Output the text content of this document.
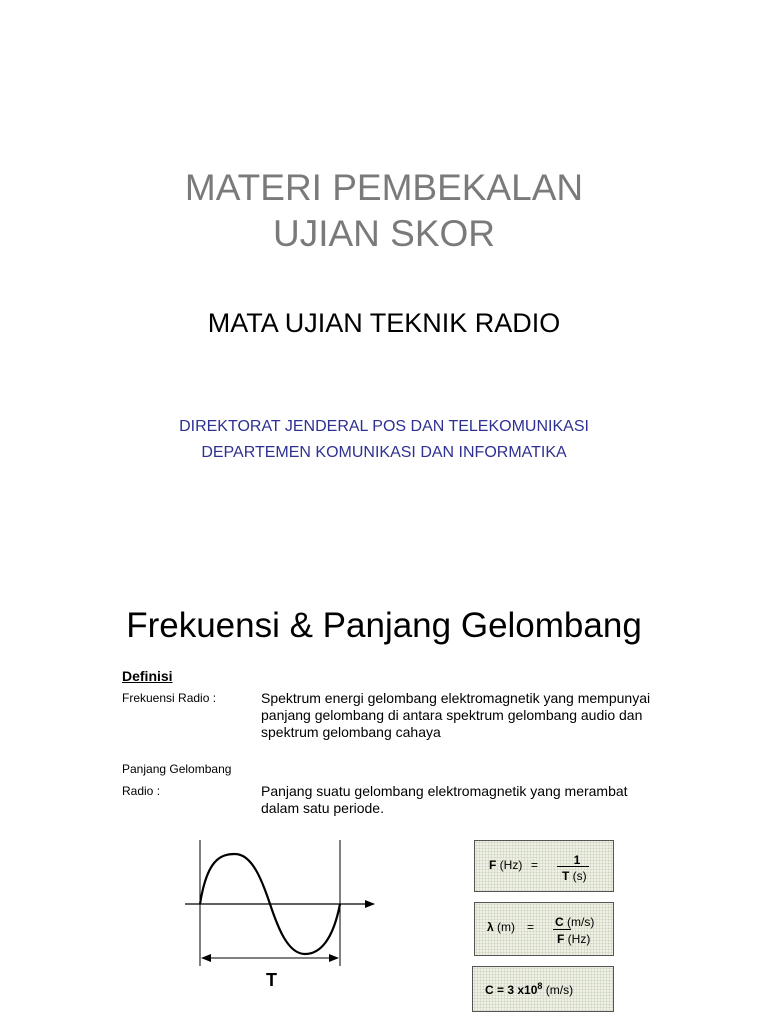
MATERI PEMBEKALAN
UJIAN SKOR
MATA UJIAN TEKNIK RADIO
DIREKTORAT JENDERAL POS DAN TELEKOMUNIKASI
DEPARTEMEN KOMUNIKASI DAN INFORMATIKA
Frekuensi & Panjang Gelombang
Definisi
Frekuensi Radio :	Spektrum energi gelombang elektromagnetik yang mempunyai
panjang gelombang di antara spektrum gelombang audio dan
spektrum gelombang cahaya
Panjang Gelombang
Radio :	Panjang suatu gelombang elektromagnetik yang merambat
dalam satu periode.
T
F (Hz) =	1
T (s)
λ (m) = C (m/s)
F (Hz)
C = 3 $x10^8$ (m/s)
